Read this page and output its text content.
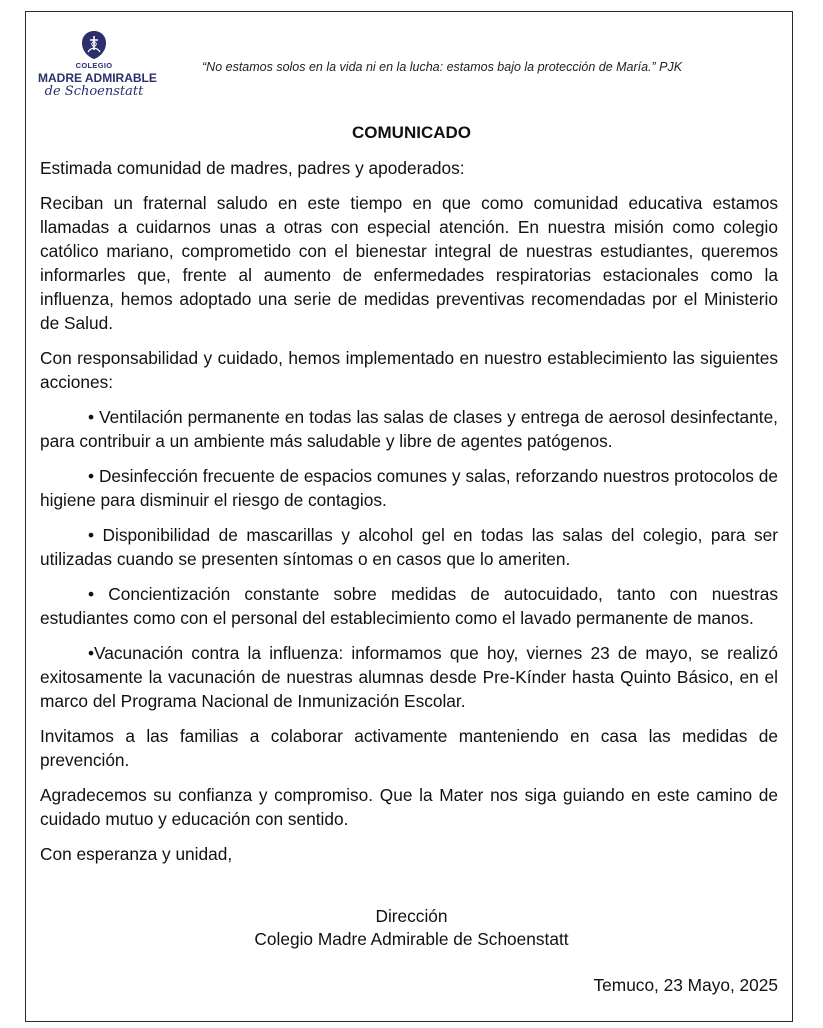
COLEGIO
MADRE ADMIRABLE
de Schoenstatt
“No estamos solos en la vida ni en la lucha: estamos bajo la protección de María.” PJK
COMUNICADO

Estimada comunidad de madres, padres y apoderados:

Reciban un fraternal saludo en este tiempo en que como comunidad educativa estamos llamadas a cuidarnos unas a otras con especial atención. En nuestra misión como colegio católico mariano, comprometido con el bienestar integral de nuestras estudiantes, queremos informarles que, frente al aumento de enfermedades respiratorias estacionales como la influenza, hemos adoptado una serie de medidas preventivas recomendadas por el Ministerio de Salud.

Con responsabilidad y cuidado, hemos implementado en nuestro establecimiento las siguientes acciones:

• Ventilación permanente en todas las salas de clases y entrega de aerosol desinfectante, para contribuir a un ambiente más saludable y libre de agentes patógenos.

• Desinfección frecuente de espacios comunes y salas, reforzando nuestros protocolos de higiene para disminuir el riesgo de contagios.

• Disponibilidad de mascarillas y alcohol gel en todas las salas del colegio, para ser utilizadas cuando se presenten síntomas o en casos que lo ameriten.

• Concientización constante sobre medidas de autocuidado, tanto con nuestras estudiantes como con el personal del establecimiento como el lavado permanente de manos.

•Vacunación contra la influenza: informamos que hoy, viernes 23 de mayo, se realizó exitosamente la vacunación de nuestras alumnas desde Pre-Kínder hasta Quinto Básico, en el marco del Programa Nacional de Inmunización Escolar.

Invitamos a las familias a colaborar activamente manteniendo en casa las medidas de prevención.

Agradecemos su confianza y compromiso. Que la Mater nos siga guiando en este camino de cuidado mutuo y educación con sentido.

Con esperanza y unidad,

Dirección
Colegio Madre Admirable de Schoenstatt
Temuco, 23 Mayo, 2025
